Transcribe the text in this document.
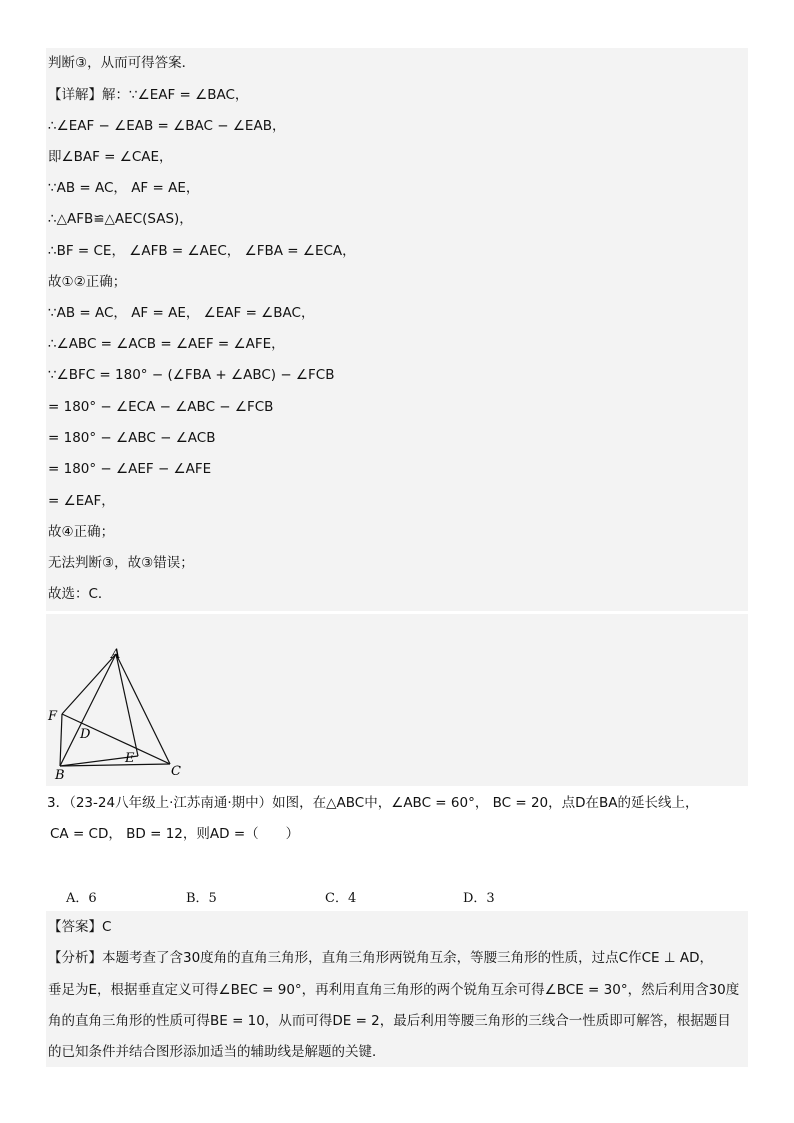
判断③，从而可得答案．
【详解】解：∵∠EAF = ∠BAC，
∴∠EAF − ∠EAB = ∠BAC − ∠EAB，
即∠BAF = ∠CAE，
∵AB = AC， AF = AE，
∴△AFB≌△AEC(SAS)，
∴BF = CE， ∠AFB = ∠AEC， ∠FBA = ∠ECA，
故①②正确；
∵AB = AC， AF = AE， ∠EAF = ∠BAC，
∴∠ABC = ∠ACB = ∠AEF = ∠AFE，
∵∠BFC = 180° − (∠FBA + ∠ABC) − ∠FCB
= 180° − ∠ECA − ∠ABC − ∠FCB
= 180° − ∠ABC − ∠ACB
= 180° − ∠AEF − ∠AFE
= ∠EAF，
故④正确；
无法判断③，故③错误；
故选：C．
A
F
D
E
B	C
3．（23-24八年级上·江苏南通·期中）如图，在△ABC中，∠ABC = 60°， BC = 20，点D在BA的延长线上，
CA = CD， BD = 12，则AD =（　　）
A．6	B．5	C．4	D．3
【答案】C
【分析】本题考查了含30度角的直角三角形，直角三角形两锐角互余，等腰三角形的性质，过点C作CE ⊥ AD，
垂足为E，根据垂直定义可得∠BEC = 90°，再利用直角三角形的两个锐角互余可得∠BCE = 30°，然后利用含30度
角的直角三角形的性质可得BE = 10，从而可得DE = 2，最后利用等腰三角形的三线合一性质即可解答，根据题目
的已知条件并结合图形添加适当的辅助线是解题的关键．
